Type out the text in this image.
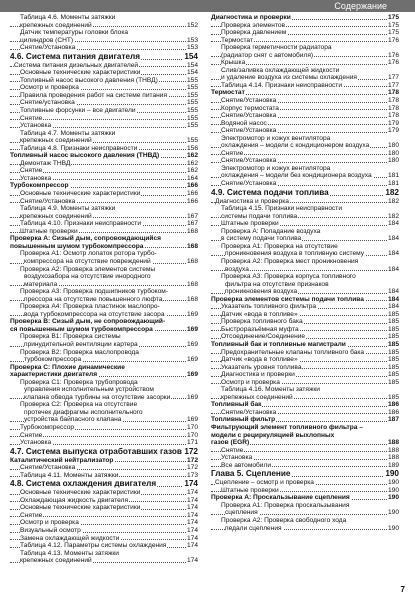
Содержание
Таблица 4.6. Моменты затяжки
крепежных соединений	152
Датчик температуры головки блока
цилиндров (СНТ)	153
Снятие/Установка	153
4.6. Система питания двигателя	154
Система питания дизельных двигателей	154
Основные технические характеристики	154
Топливный насос высокого давления (ТНВД)	155
Осмотр и проверка	155
Правила проведения работ на системе питания	155
Снятие/установка	155
Топливные форсунки – все двигатели	155
Снятие	155
Установка	155
Таблица 4.7. Моменты затяжки
крепежных соединений	155
Таблица 4.8. Признаки неисправности	156
Топливный насос высокого давления (ТНВД)	162
Демонтаж ТНВД	162
Снятие	162
Установка	164
Турбокомпрессор	166
Основные технические характеристики	166
Снятие/Установка	166
Таблица 4.9. Моменты затяжки
крепежных соединений	167
Таблица 4.10. Признаки неисправности	167
Штатные проверки	168
Проверка А: Сизый дым, сопровождающийся
повышенным шумом турбокомпрессора	168
Проверка А1: Осмотр лопаток ротора турбо-
компрессора на отсутствие повреждений	168
Проверка А2: Проверка элементов системы
воздухозабора на отсутствие инородного
материала	168
Проверка А3: Проверка подшипников турбоком-
прессора на отсутствие повышенного люфта	168
Проверка А4: Проверка пластинок маслопро-
вода турбокомпрессора на отсутствие засора	169
Проверка В: Сизый дым, не сопровождающий-
ся повышенным шумом турбокомпрессора	169
Проверка В1: Проверка системы
принудительной вентиляции картера	169
Проверка В2: Проверка маслопровода
турбокомпрессора	169
Проверка С: Плохие динамические
характеристики двигателя	169
Проверка С1: Проверка трубопровода
управления исполнительным устройством
клапана обвода турбины на отсутствие засорки	169
Проверка С2: Проверка на отсутствие
протечек диафрагмы исполнительного
устройства байпасного клапана	169
Турбокомпрессор	170
Снятие	170
Установка	171
4.7. Система выпуска отработавших газов 172
Каталитический нейтрализатор	172
Снятие/Установка	172
Таблица 4.11. Моменты затяжки	173
4.8. Система охлаждения двигателя	174
Основные технические характеристики	174
Охлаждающая жидкость двигателя	174
Основные технические характеристики	174
Снятие	174
Осмотр и проверка	174
Визуальный осмотр	174
Замена охлаждающей жидкости	174
Таблица 4.12. Параметры системы охлаждения	174
Таблица 4.13. Моменты затяжки
крепежных соединений	174
Диагностика и проверки	175
Проверка элементов	175
Проверка давлением	175
Термостат	176
Проверка герметичности радиатора
(радиатор снят с автомобиля)	176
Крышка	176
Слив/заливка охлаждающей жидкости
и удаление воздуха из системы охлаждения	177
Таблица 4.14. Признаки неисправности	177
Термостат	178
Снятие/Установка	178
Корпус термостата	178
Снятие/Установка	178
Водяной насос	179
Снятие/Установка	179
Электромотор и кожух вентилятора
охлаждения – модели с кондиционером воздуха	180
Снятие	180
Снятие/Установка	180
Электромотор и кожух вентилятора
охлаждения – модели без кондиционера воздуха 181
Снятие/Установка	181
4.9. Система подачи топлива	182
Диагностика и проверка	182
Таблица 4.15. Признаки неисправности
системы подачи топлива	182
Штатные проверки	184
Проверка А: Попадание воздуха
в систему подачи топлива	184
Проверка А1: Проверка на отсутствие
проникновения воздуха в топливную систему	184
Проверка А2: Проверка мест проникновения
воздуха	184
Проверка А3: Проверка корпуса топливного
фильтра на отсутствие признаков
проникновения воздуха	184
Проверка элементов системы подачи топлива	184
Указатель топливного фильтра	184
Датчик «вода в топливе»	185
Проверка топливного бака	185
Быстроразъёмная муфта	185
Отсоединение/Соединение	185
Топливный бак и топливные магистрали	185
Предохранительные клапаны топливного бака	185
Датчик «вода в топливе»	185
Указатель уровня топлива	185
Диагностика и проверки	185
Осмотр и проверка	185
Таблица 4.16. Моменты затяжки
крепежных соединений	185
Топливный бак	186
Снятие/Установка	186
Топливный фильтр	187
Фильтрующий элемент топливного фильтра –
модели с рециркуляцией выхлопных
газов (EGR)	188
Снятие	188
Установка	188
Все автомобили	189
Глава 5. Сцепление	190
Сцепление – осмотр и проверка	190
Штатные проверки	190
Проверка А: Проскальзывание сцепления	190
Проверка А1: Проверка проскальзывания
сцепления	190
Проверка А2: Проверка свободного хода
педали сцепления	190
7
